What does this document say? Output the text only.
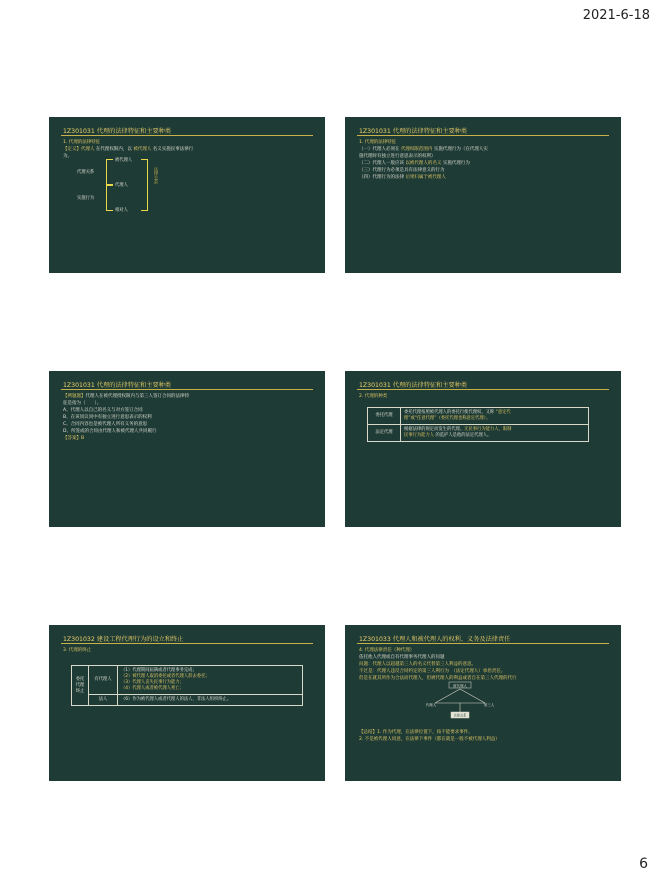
2021-6-18
1Z301031 代理的法律特征和主要种类
1. 代理的法律特征
【定义】代理人 在代理权限内，以 被代理人 名义实施民事法律行
为。
被代理人
代理关系
代理人
实施行为
相对人
法律关系
1Z301031 代理的法律特征和主要种类
1. 代理的法律特征
（一）代理人必须在 代理权限范围内 实施代理行为（在代理人实
施代理时有独立进行意思表示的权利）
（二）代理人一般应该 以被代理人的名义 实施代理行为
（三）代理行为必须是具有法律意义的行为
（四）代理行为的法律 后果归属于被代理人
1Z301031 代理的法律特征和主要种类
【例题题】代理人在被代理授权限内与第三人签订合同的法律特
征是指为（　　）。
A、代理人以自己的名义与对方签订合同
B、在该同议同中有独立进行意思表示的权利
C、合同内容也是被代理人所有义务的意思
D、所签成的合同由代理人和被代理人共同履行
【答案】B
1Z301031 代理的法律特征和主要种类
2. 代理的种类
委托代理	委托代理按照被代理人的委托行使代理权，又称 “意定代
理”或“任意代理”（委托代理也称意定代理）。
法定代理	根据法律的规定而发生的代理。无民事行为能力人、限制
民事行为能力人 的监护人是他的法定代理人。
1Z301032 建设工程代理行为的设立和终止
3. 代理的终止
委托代理终止	有代理人	（1）代理期间届满或者代理事务完成；
（2）被代理人取消委托或者代理人辞去委托；
（3）代理人丧失民事行为能力；
（4）代理人或者被代理人死亡；

	法人	（6）作为被代理人或者代理人的法人、非法人组织终止。
1Z301033 代理人和被代理人的权利、义务及法律责任
4. 代理法律责任（种代理）
依托他人代理或自有代理事务代理人的问题
问题：代理人以超越第三人的名义代替第三人利益的意思。
不过是：代理人违反合同约定的第三人利行为　（法定代理人）承担责任。
但是在就其所作为合法而代理人，但被代理人的利益或者自在第三人代理的代行
被代理人
代理人	第三人
法律关系
【总结】1. 作为代理，在法律位置下，按不能要求事件。
2. 不是被代理人同意，在法律下事件（都在就是一般不被代理人利益）
6
